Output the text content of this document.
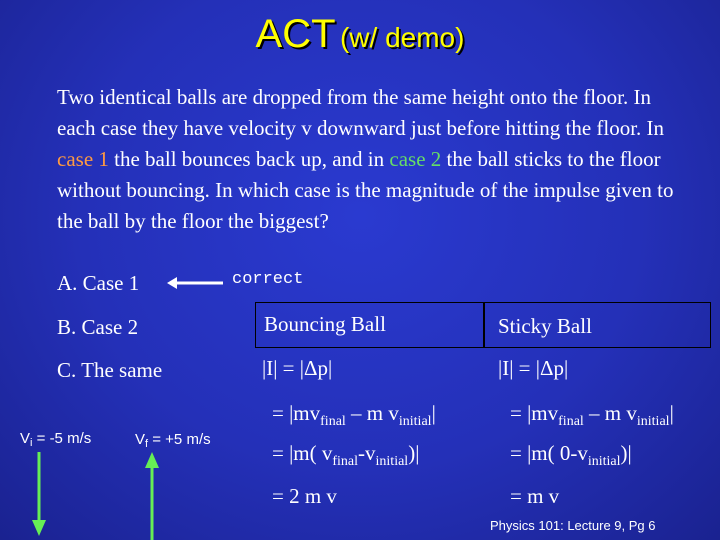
ACT (w/ demo)
Two identical balls are dropped from the same height onto the floor. In each case they have velocity v downward just before hitting the floor. In case 1 the ball bounces back up, and in case 2 the ball sticks to the floor without bouncing. In which case is the magnitude of the impulse given to the ball by the floor the biggest?
A. Case 1
B. Case 2
C. The same
correct
Bouncing Ball	Sticky Ball
|I| = |Δp|
= $|mv_{final}$ – m $v_{initial}|$
= |m( $v_{final}-v_{initial})|$
= 2 m v
|I| = |Δp|
= $|mv_{final}$ – m $v_{initial}|$
= |m( $0-v_{initial})|$
= m v
$V_i = -5$ m/s	$V_f = +5$ m/s
Physics 101: Lecture 9, Pg 6
